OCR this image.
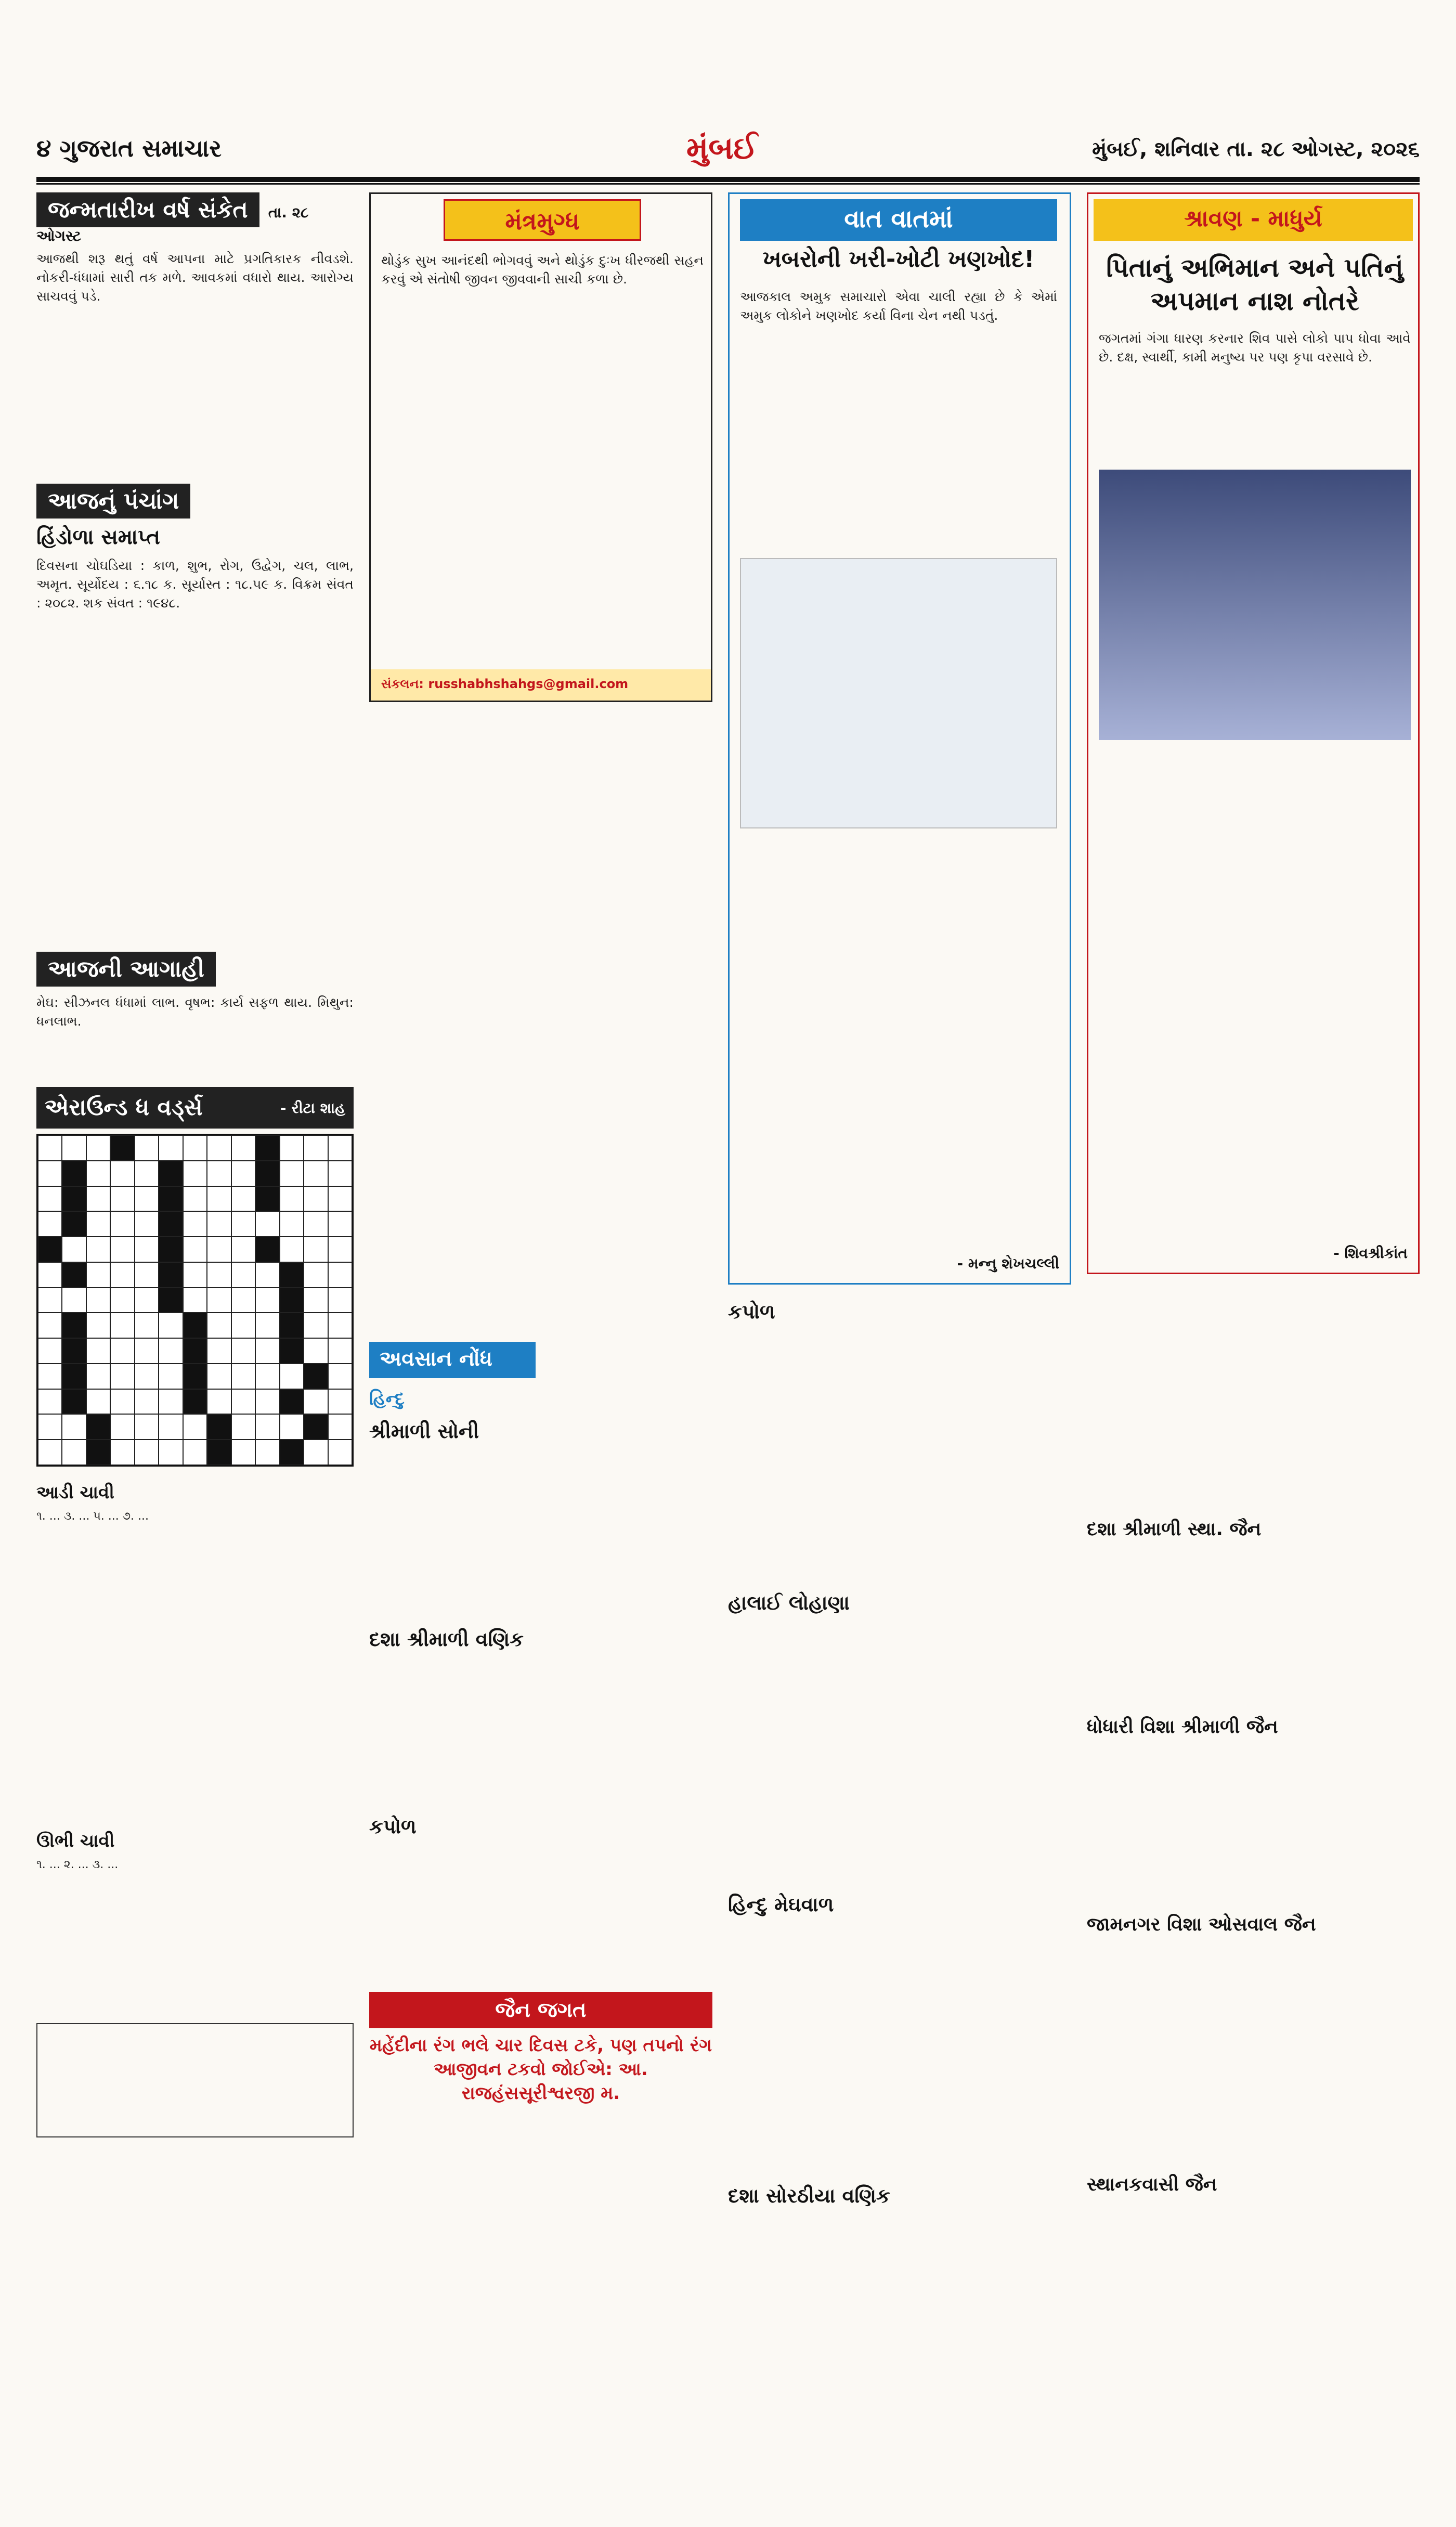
૪ ગુજરાત સમાચાર	મુંબઈ	મુંબઈ, શનિવાર તા. ૨૮ ઓગસ્ટ, ૨૦૨૬
જન્મતારીખ વર્ષ સંકેત તા. ૨૮ ઓગસ્ટ
આજથી શરૂ થતું વર્ષ આપના માટે પ્રગતિકારક નીવડશે. નોકરી-ધંધામાં સારી તક મળે. આવકમાં વધારો થાય. આરોગ્ય સાચવવું પડે.
આજનું પંચાંગ
હિંડોળા સમાપ્ત
દિવસના ચોઘડિયા : કાળ, શુભ, રોગ, ઉદ્વેગ, ચલ, લાભ, અમૃત. સૂર્યોદય : ૬.૧૮ ક. સૂર્યાસ્ત : ૧૮.૫૯ ક. વિક્રમ સંવત : ૨૦૮૨. શક સંવત : ૧૯૪૮.
આજની આગાહી
મેઘ: સીઝનલ ધંધામાં લાભ. વૃષભ: કાર્ય સફળ થાય. મિથુન: ધનલાભ.
એરાઉન્ડ ધ વર્ડ્સ	- રીટા શાહ
આડી ચાવી
૧. ... ૩. ... ૫. ... ૭. ...
ઊભી ચાવી
૧. ... ૨. ... ૩. ...
મંત્રમુગ્ધ
થોડુંક સુખ આનંદથી ભોગવવું અને થોડુંક દુઃખ ધીરજથી સહન કરવું એ સંતોષી જીવન જીવવાની સાચી કળા છે.
સંકલન: russhabhshahgs@gmail.com
અવસાન નોંધ
હિન્દુ
શ્રીમાળી સોની
દશા શ્રીમાળી વણિક
કપોળ
જૈન જગત
મહેંદીના રંગ ભલે ચાર દિવસ ટકે, પણ તપનો રંગ આજીવન ટકવો જોઈએ: આ. રાજહંસસૂરીશ્વરજી મ.
વાત વાતમાં
ખબરોની ખરી-ખોટી ખણખોદ!
આજકાલ અમુક સમાચારો એવા ચાલી રહ્યા છે કે એમાં અમુક લોકોને ખણખોદ કર્યા વિના ચેન નથી પડતું.
- મન્નુ શેખચલ્લી
કપોળ
હાલાઈ લોહાણા
હિન્દુ મેઘવાળ
દશા સોરઠીયા વણિક
શ્રાવણ - માધુર્ય
પિતાનું અભિમાન અને પતિનું અપમાન નાશ નોતરે
જગતમાં ગંગા ધારણ કરનાર શિવ પાસે લોકો પાપ ધોવા આવે છે. દક્ષ, સ્વાર્થી, કામી મનુષ્ય પર પણ કૃપા વરસાવે છે.
- શિવશ્રીકાંત
દશા શ્રીમાળી સ્થા. જૈન
ધોધારી વિશા શ્રીમાળી જૈન
જામનગર વિશા ઓસવાલ જૈન
સ્થાનકવાસી જૈન
